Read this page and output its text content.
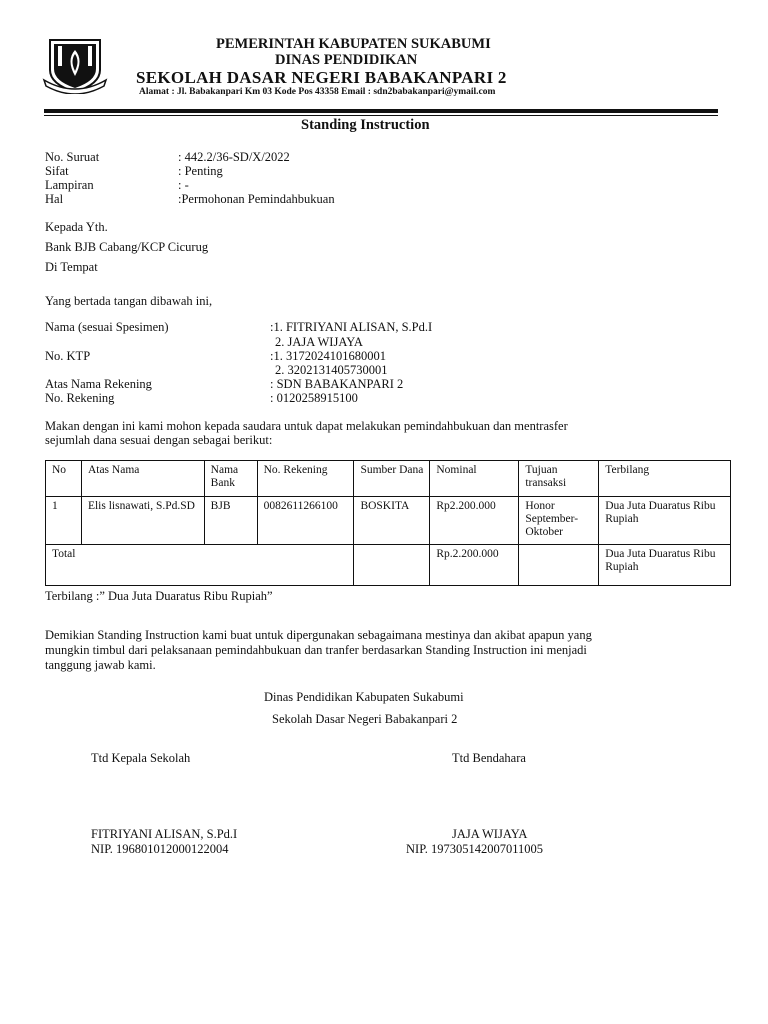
PEMERINTAH KABUPATEN SUKABUMI
DINAS PENDIDIKAN
SEKOLAH DASAR NEGERI BABAKANPARI 2
Alamat : Jl. Babakanpari Km 03 Kode Pos 43358 Email : sdn2babakanpari@ymail.com
Standing Instruction
No. Suruat	: 442.2/36-SD/X/2022
Sifat	: Penting
Lampiran	: -
Hal	:Permohonan Pemindahbukuan
Kepada Yth.
Bank BJB Cabang/KCP Cicurug
Di Tempat
Yang bertada tangan dibawah ini,
Nama (sesuai Spesimen)	:1. FITRIYANI ALISAN, S.Pd.I
2. JAJA WIJAYA
No. KTP	:1. 3172024101680001
2. 3202131405730001
Atas Nama Rekening	: SDN BABAKANPARI 2
No. Rekening	: 0120258915100
Makan dengan ini kami mohon kepada saudara untuk dapat melakukan pemindahbukuan dan mentrasfer
sejumlah dana sesuai dengan sebagai berikut:
No	Atas Nama	Nama Bank	No. Rekening	Sumber Dana	Nominal	Tujuan transaksi	Terbilang
1	Elis lisnawati, S.Pd.SD	BJB	0082611266100	BOSKITA	Rp2.200.000	Honor September-Oktober	Dua Juta Duaratus Ribu Rupiah
Total					Rp.2.200.000		Dua Juta Duaratus Ribu Rupiah
Terbilang :” Dua Juta Duaratus Ribu Rupiah”
Demikian Standing Instruction kami buat untuk dipergunakan sebagaimana mestinya dan akibat apapun yang
mungkin timbul dari pelaksanaan pemindahbukuan dan tranfer berdasarkan Standing Instruction ini menjadi
tanggung jawab kami.
Dinas Pendidikan Kabupaten Sukabumi
Sekolah Dasar Negeri Babakanpari 2
Ttd Kepala Sekolah	Ttd Bendahara
FITRIYANI ALISAN, S.Pd.I
NIP. 196801012000122004
JAJA WIJAYA
NIP. 197305142007011005
